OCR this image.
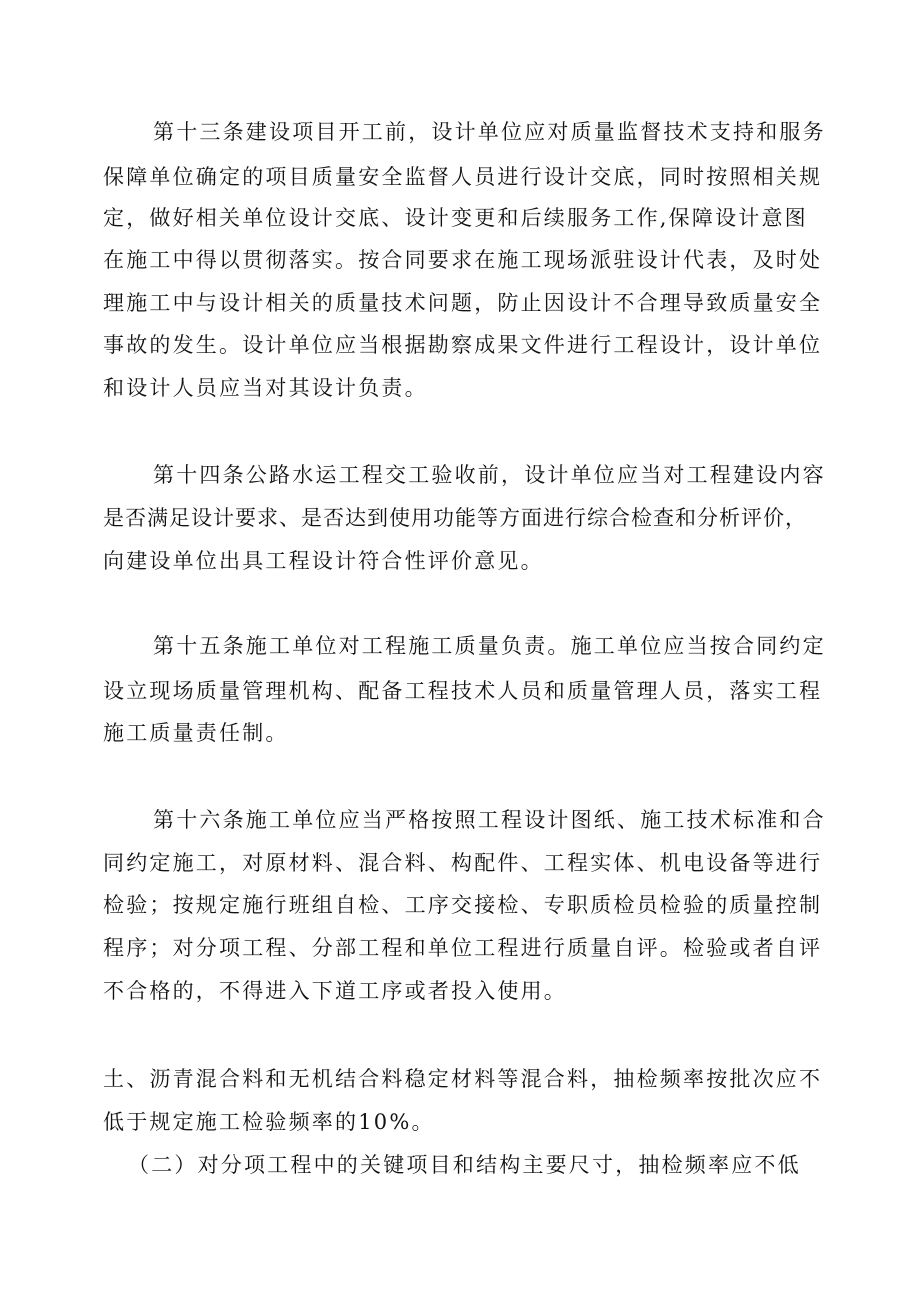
第十三条建设项目开工前，设计单位应对质量监督技术支持和服务
保障单位确定的项目质量安全监督人员进行设计交底，同时按照相关规
定，做好相关单位设计交底、设计变更和后续服务工作,保障设计意图
在施工中得以贯彻落实。按合同要求在施工现场派驻设计代表，及时处
理施工中与设计相关的质量技术问题，防止因设计不合理导致质量安全
事故的发生。设计单位应当根据勘察成果文件进行工程设计，设计单位
和设计人员应当对其设计负责。
第十四条公路水运工程交工验收前，设计单位应当对工程建设内容
是否满足设计要求、是否达到使用功能等方面进行综合检查和分析评价，
向建设单位出具工程设计符合性评价意见。
第十五条施工单位对工程施工质量负责。施工单位应当按合同约定
设立现场质量管理机构、配备工程技术人员和质量管理人员，落实工程
施工质量责任制。
第十六条施工单位应当严格按照工程设计图纸、施工技术标准和合
同约定施工，对原材料、混合料、构配件、工程实体、机电设备等进行
检验；按规定施行班组自检、工序交接检、专职质检员检验的质量控制
程序；对分项工程、分部工程和单位工程进行质量自评。检验或者自评
不合格的，不得进入下道工序或者投入使用。
土、沥青混合料和无机结合料稳定材料等混合料，抽检频率按批次应不
低于规定施工检验频率的10%。
（二）对分项工程中的关键项目和结构主要尺寸，抽检频率应不低
